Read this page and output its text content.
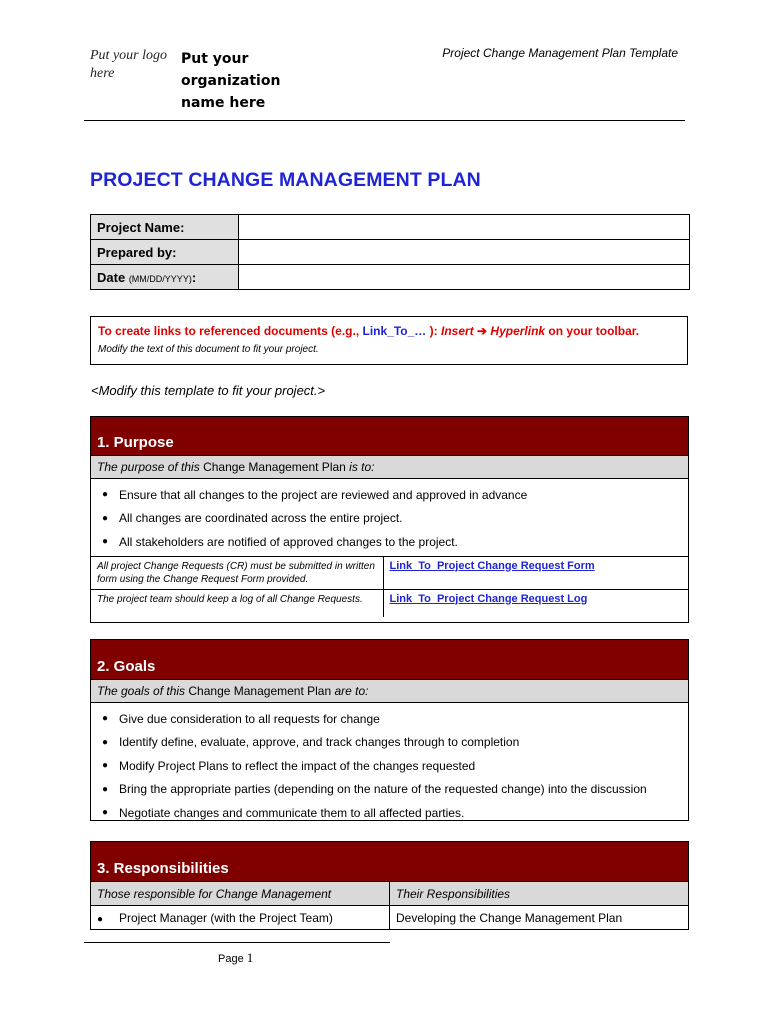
Put your logo here
Put your organization name here
Project Change Management Plan Template
PROJECT CHANGE MANAGEMENT PLAN
Project Name:	
Prepared by:	
Date (MM/DD/YYYY):	
To create links to referenced documents (e.g., Link_To_… ): Insert ➔ Hyperlink on your toolbar.
Modify the text of this document to fit your project.
<Modify this template to fit your project.>
1. Purpose
The purpose of this Change Management Plan is to:
● Ensure that all changes to the project are reviewed and approved in advance
● All changes are coordinated across the entire project.
● All stakeholders are notified of approved changes to the project.
All project Change Requests (CR) must be submitted in written form using the Change Request Form provided.	Link_To_Project Change Request Form
The project team should keep a log of all Change Requests.	Link_To_Project Change Request Log
2. Goals
The goals of this Change Management Plan are to:
● Give due consideration to all requests for change
● Identify define, evaluate, approve, and track changes through to completion
● Modify Project Plans to reflect the impact of the changes requested
● Bring the appropriate parties (depending on the nature of the requested change) into the discussion
● Negotiate changes and communicate them to all affected parties.
3. Responsibilities
Those responsible for Change Management	Their Responsibilities
● Project Manager (with the Project Team)	Developing the Change Management Plan
Page 1
